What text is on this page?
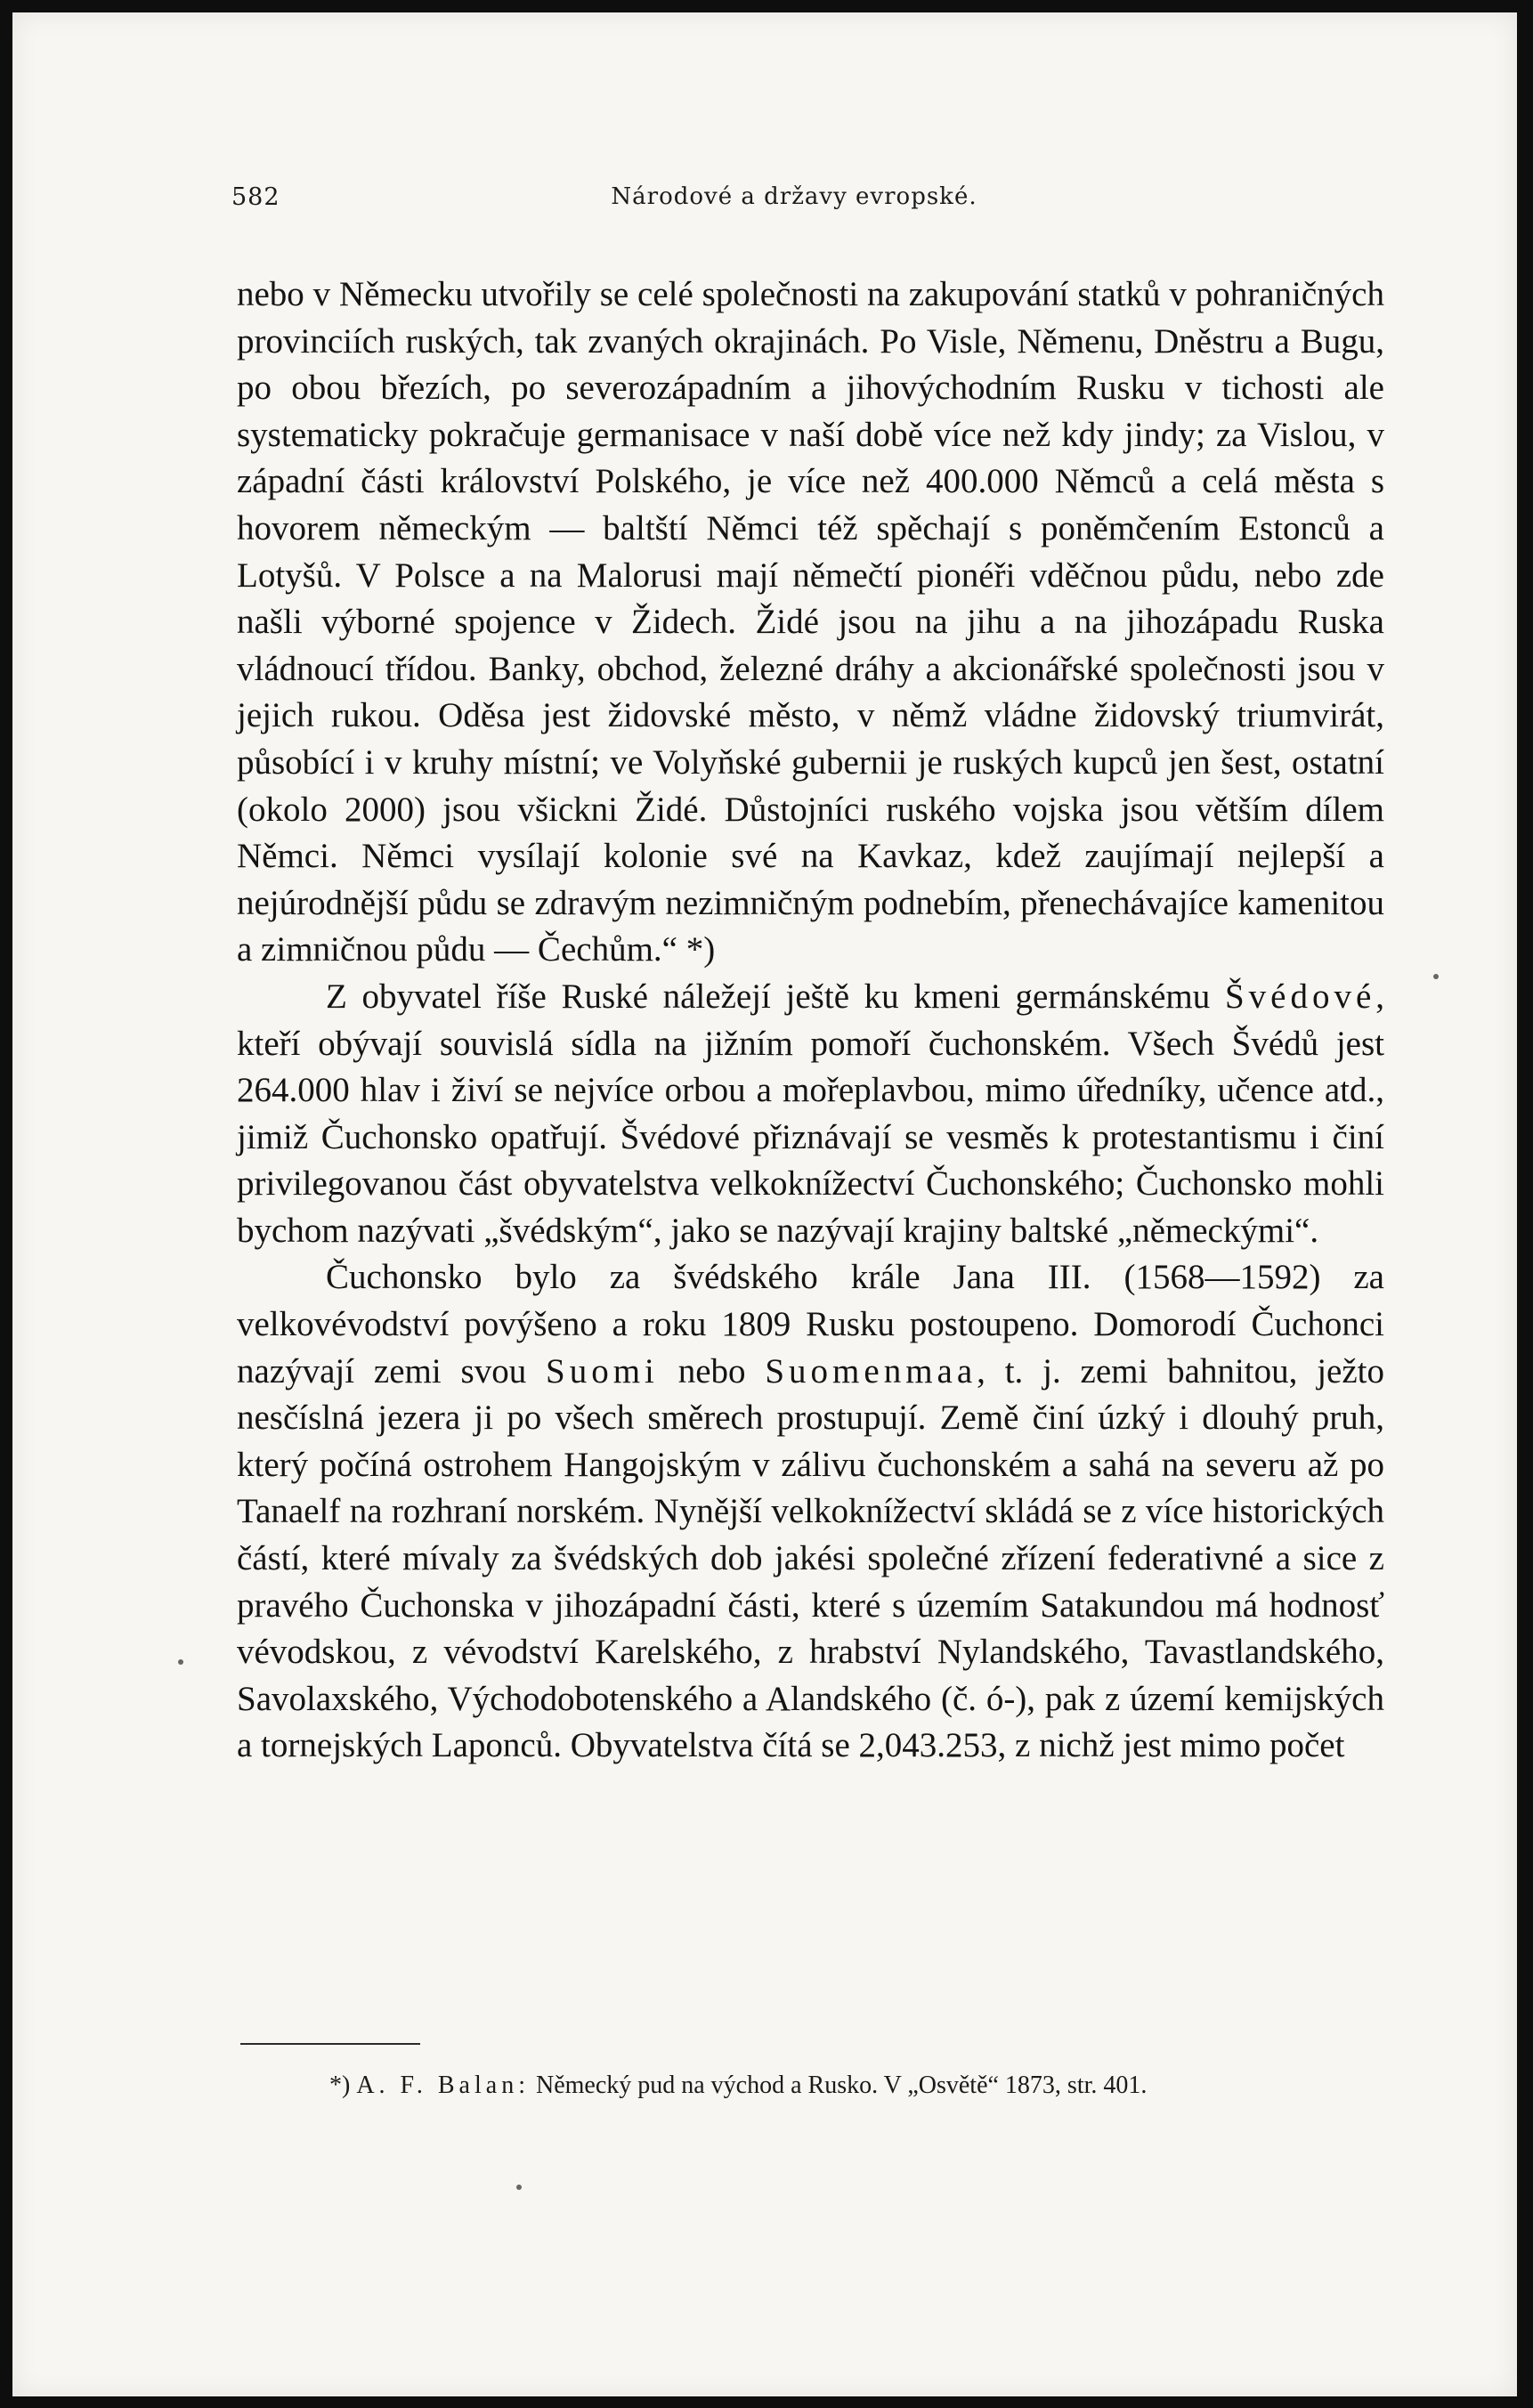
582	Národové a državy evropské.

nebo v Německu utvořily se celé společnosti na zakupování statků v pohraničných provinciích ruských, tak zvaných okrajinách. Po Visle, Němenu, Dněstru a Bugu, po obou březích, po severozápadním a jihovýchodním Rusku v tichosti ale systematicky pokračuje germanisace v naší době více než kdy jindy; za Vislou, v západní části království Polského, je více než 400.000 Němců a celá města s hovorem německým — baltští Němci též spěchají s poněmčením Estonců a Lotyšů. V Polsce a na Malorusi mají němečtí pionéři vděčnou půdu, nebo zde našli výborné spojence v Židech. Židé jsou na jihu a na jihozápadu Ruska vládnoucí třídou. Banky, obchod, železné dráhy a akcionářské společnosti jsou v jejich rukou. Oděsa jest židovské město, v němž vládne židovský triumvirát, působící i v kruhy místní; ve Volyňské gubernii je ruských kupců jen šest, ostatní (okolo 2000) jsou všickni Židé. Důstojníci ruského vojska jsou větším dílem Němci. Němci vysílají kolonie své na Kavkaz, kdež zaujímají nejlepší a nejúrodnější půdu se zdravým nezimničným podnebím, přenechávajíce kamenitou a zimničnou půdu — Čechům.“ *)

Z obyvatel říše Ruské náležejí ještě ku kmeni germánskému Švédové, kteří obývají souvislá sídla na jižním pomoří čuchonském. Všech Švédů jest 264.000 hlav i živí se nejvíce orbou a mořeplavbou, mimo úředníky, učence atd., jimiž Čuchonsko opatřují. Švédové přiznávají se vesměs k protestantismu i činí privilegovanou část obyvatelstva velkoknížectví Čuchonského; Čuchonsko mohli bychom nazývati „švédským“, jako se nazývají krajiny baltské „německými“.

Čuchonsko bylo za švédského krále Jana III. (1568—1592) za velkovévodství povýšeno a roku 1809 Rusku postoupeno. Domorodí Čuchonci nazývají zemi svou Suomi nebo Suomenmaa, t. j. zemi bahnitou, ježto nesčíslná jezera ji po všech směrech prostupují. Země činí úzký i dlouhý pruh, který počíná ostrohem Hangojským v zálivu čuchonském a sahá na severu až po Tanaelf na rozhraní norském. Nynější velkoknížectví skládá se z více historických částí, které mívaly za švédských dob jakési společné zřízení federativné a sice z pravého Čuchonska v jihozápadní části, které s územím Satakundou má hodnosť vévodskou, z vévodství Karelského, z hrabství Nylandského, Tavastlandského, Savolaxského, Východobotenského a Alandského (č. ó-), pak z území kemijských a tornejských Laponců. Obyvatelstva čítá se 2,043.253, z nichž jest mimo počet

*) A. F. Balan: Německý pud na východ a Rusko. V „Osvětě“ 1873, str. 401.
